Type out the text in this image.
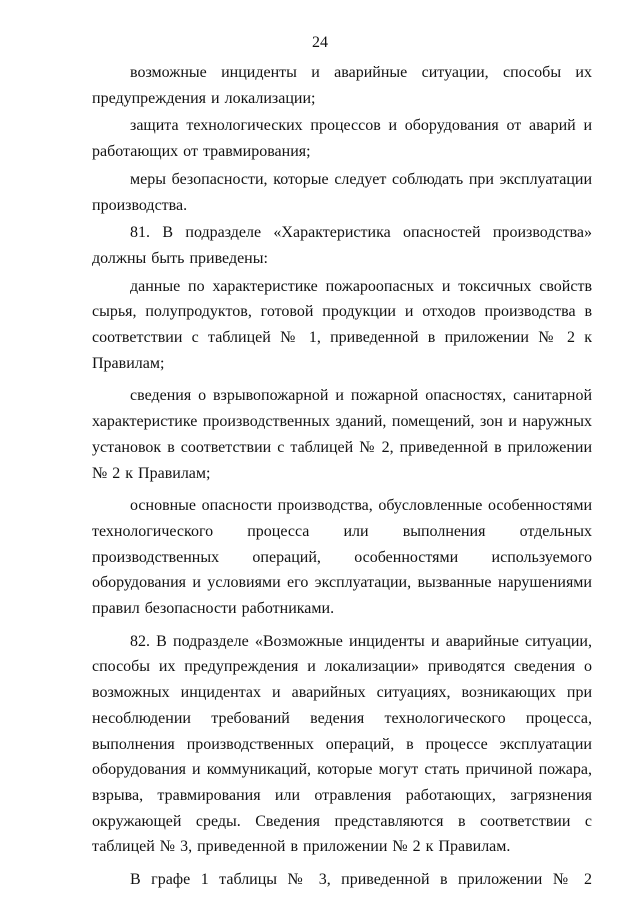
24

возможные инциденты и аварийные ситуации, способы их предупреждения и локализации;

защита технологических процессов и оборудования от аварий и работающих от травмирования;

меры безопасности, которые следует соблюдать при эксплуатации производства.

81. В подразделе «Характеристика опасностей производства» должны быть приведены:

данные по характеристике пожароопасных и токсичных свойств сырья, полупродуктов, готовой продукции и отходов производства в соответствии с таблицей № 1, приведенной в приложении № 2 к Правилам;

сведения о взрывопожарной и пожарной опасностях, санитарной характеристике производственных зданий, помещений, зон и наружных установок в соответствии с таблицей № 2, приведенной в приложении № 2 к Правилам;

основные опасности производства, обусловленные особенностями технологического процесса или выполнения отдельных производственных операций, особенностями используемого оборудования и условиями его эксплуатации, вызванные нарушениями правил безопасности работниками.

82. В подразделе «Возможные инциденты и аварийные ситуации, способы их предупреждения и локализации» приводятся сведения о возможных инцидентах и аварийных ситуациях, возникающих при несоблюдении требований ведения технологического процесса, выполнения производственных операций, в процессе эксплуатации оборудования и коммуникаций, которые могут стать причиной пожара, взрыва, травмирования или отравления работающих, загрязнения окружающей среды. Сведения представляются в соответствии с таблицей № 3, приведенной в приложении № 2 к Правилам.

В графе 1 таблицы № 3, приведенной в приложении № 2
